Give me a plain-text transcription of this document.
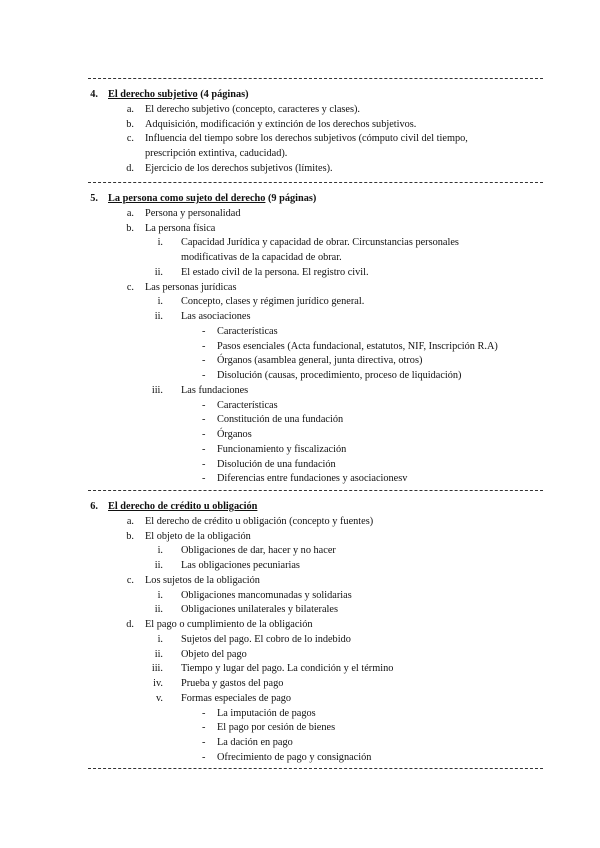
4. El derecho subjetivo (4 páginas)
a. El derecho subjetivo (concepto, caracteres y clases).
b. Adquisición, modificación y extinción de los derechos subjetivos.
c. Influencia del tiempo sobre los derechos subjetivos (cómputo civil del tiempo,
prescripción extintiva, caducidad).
d. Ejercicio de los derechos subjetivos (límites).
5. La persona como sujeto del derecho (9 páginas)
a. Persona y personalidad
b. La persona física
i. Capacidad Jurídica y capacidad de obrar. Circunstancias personales
modificativas de la capacidad de obrar.
ii. El estado civil de la persona. El registro civil.
c. Las personas jurídicas
i. Concepto, clases y régimen jurídico general.
ii. Las asociaciones
- Características
- Pasos esenciales (Acta fundacional, estatutos, NIF, Inscripción R.A)
- Órganos (asamblea general, junta directiva, otros)
- Disolución (causas, procedimiento, proceso de liquidación)
iii. Las fundaciones
- Características
- Constitución de una fundación
- Órganos
- Funcionamiento y fiscalización
- Disolución de una fundación
- Diferencias entre fundaciones y asociacionesv
6. El derecho de crédito u obligación
a. El derecho de crédito u obligación (concepto y fuentes)
b. El objeto de la obligación
i. Obligaciones de dar, hacer y no hacer
ii. Las obligaciones pecuniarias
c. Los sujetos de la obligación
i. Obligaciones mancomunadas y solidarias
ii. Obligaciones unilaterales y bilaterales
d. El pago o cumplimiento de la obligación
i. Sujetos del pago. El cobro de lo indebido
ii. Objeto del pago
iii. Tiempo y lugar del pago. La condición y el término
iv. Prueba y gastos del pago
v. Formas especiales de pago
- La imputación de pagos
- El pago por cesión de bienes
- La dación en pago
- Ofrecimiento de pago y consignación
